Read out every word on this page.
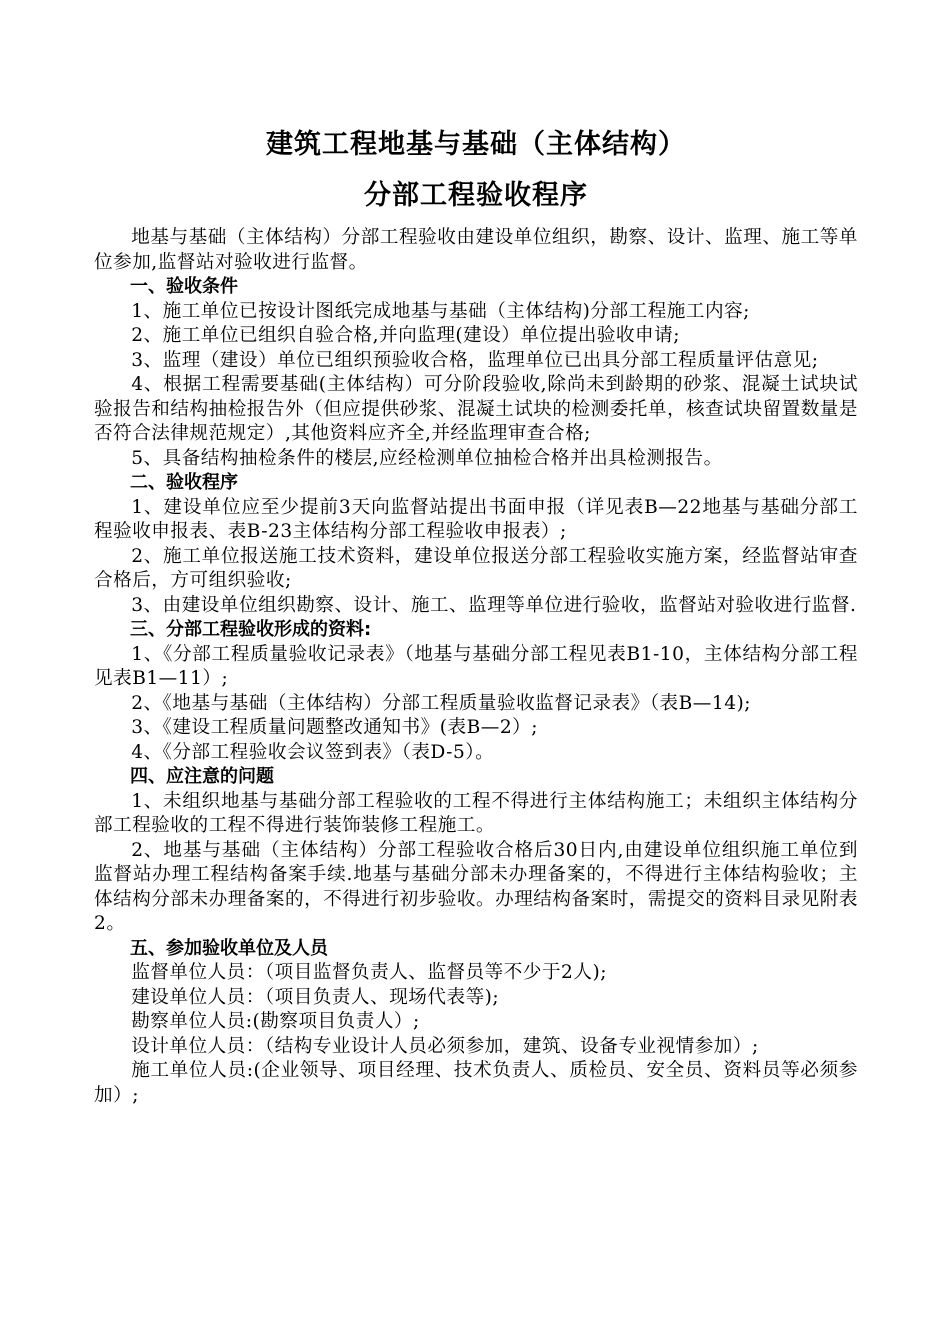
建筑工程地基与基础（主体结构）
分部工程验收程序

地基与基础（主体结构）分部工程验收由建设单位组织，勘察、设计、监理、施工等单位参加,监督站对验收进行监督。

一、验收条件

1、施工单位已按设计图纸完成地基与基础（主体结构)分部工程施工内容;

2、施工单位已组织自验合格,并向监理(建设）单位提出验收申请;

3、监理（建设）单位已组织预验收合格，监理单位已出具分部工程质量评估意见;

4、根据工程需要基础(主体结构）可分阶段验收,除尚未到龄期的砂浆、混凝土试块试验报告和结构抽检报告外（但应提供砂浆、混凝土试块的检测委托单，核查试块留置数量是否符合法律规范规定）,其他资料应齐全,并经监理审查合格;

5、具备结构抽检条件的楼层,应经检测单位抽检合格并出具检测报告。

二、验收程序

1、建设单位应至少提前3天向监督站提出书面申报（详见表B—22地基与基础分部工程验收申报表、表B-23主体结构分部工程验收申报表）;

2、施工单位报送施工技术资料，建设单位报送分部工程验收实施方案，经监督站审查合格后，方可组织验收;

3、由建设单位组织勘察、设计、施工、监理等单位进行验收，监督站对验收进行监督.

三、分部工程验收形成的资料:

1、《分部工程质量验收记录表》（地基与基础分部工程见表B1-10，主体结构分部工程见表B1—11）;

2、《地基与基础（主体结构）分部工程质量验收监督记录表》（表B—14);

3、《建设工程质量问题整改通知书》(表B—2）;

4、《分部工程验收会议签到表》（表D-5）。

四、应注意的问题

1、未组织地基与基础分部工程验收的工程不得进行主体结构施工；未组织主体结构分部工程验收的工程不得进行装饰装修工程施工。

2、地基与基础（主体结构）分部工程验收合格后30日内,由建设单位组织施工单位到监督站办理工程结构备案手续.地基与基础分部未办理备案的，不得进行主体结构验收；主体结构分部未办理备案的，不得进行初步验收。办理结构备案时，需提交的资料目录见附表2。

五、参加验收单位及人员

监督单位人员：（项目监督负责人、监督员等不少于2人);

建设单位人员：（项目负责人、现场代表等);

勘察单位人员:(勘察项目负责人）;

设计单位人员：（结构专业设计人员必须参加，建筑、设备专业视情参加）;

施工单位人员:(企业领导、项目经理、技术负责人、质检员、安全员、资料员等必须参加）;
